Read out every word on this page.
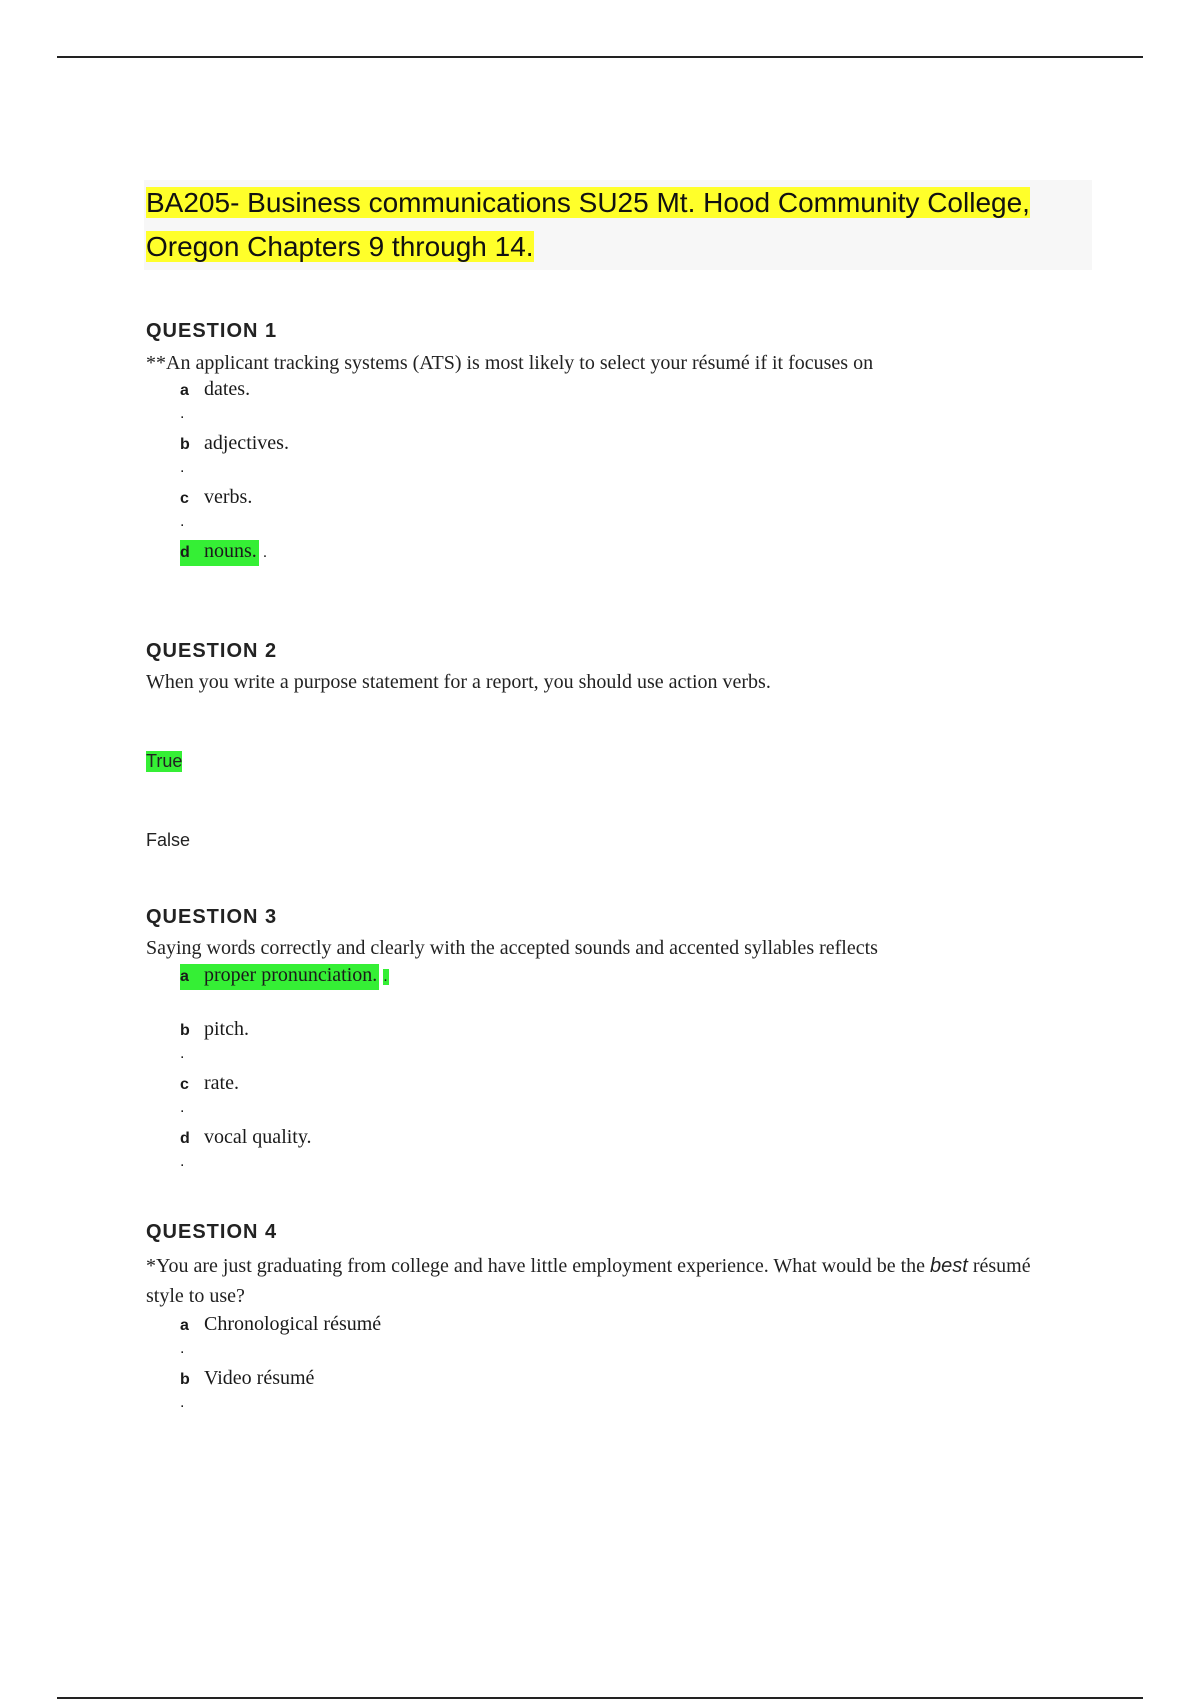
BA205- Business communications SU25 Mt. Hood Community College, Oregon Chapters 9 through 14.
QUESTION 1

**An applicant tracking systems (ATS) is most likely to select your résumé if it focuses on

a dates.
.
b adjectives.
.
c verbs.
.
d nouns. .
QUESTION 2

When you write a purpose statement for a report, you should use action verbs.

True
False
QUESTION 3

Saying words correctly and clearly with the accepted sounds and accented syllables reflects

a proper pronunciation. .
b pitch.
.
c rate.
.
d vocal quality.
.
QUESTION 4

*You are just graduating from college and have little employment experience. What would be the best résumé style to use?

a Chronological résumé
.
b Video résumé
.
